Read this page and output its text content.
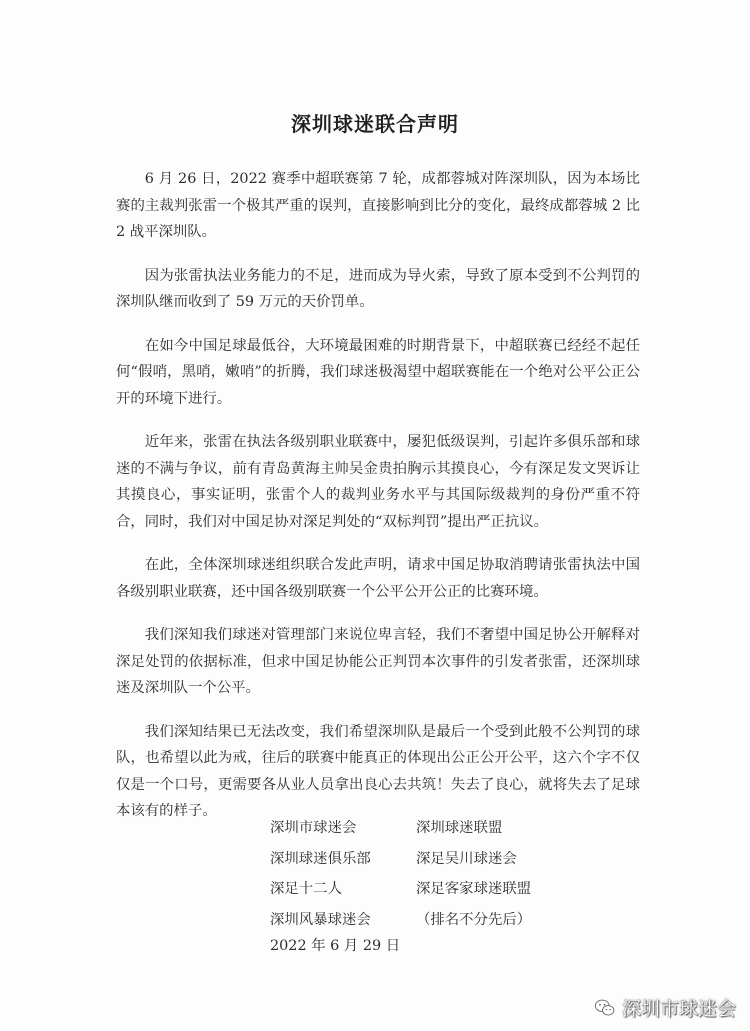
深圳球迷联合声明

6 月 26 日，2022 赛季中超联赛第 7 轮，成都蓉城对阵深圳队，因为本场比赛的主裁判张雷一个极其严重的误判，直接影响到比分的变化，最终成都蓉城 2 比 2 战平深圳队。

因为张雷执法业务能力的不足，进而成为导火索，导致了原本受到不公判罚的深圳队继而收到了 59 万元的天价罚单。

在如今中国足球最低谷，大环境最困难的时期背景下，中超联赛已经经不起任何“假哨，黑哨，嫩哨”的折腾，我们球迷极渴望中超联赛能在一个绝对公平公正公开的环境下进行。

近年来，张雷在执法各级别职业联赛中，屡犯低级误判，引起许多俱乐部和球迷的不满与争议，前有青岛黄海主帅吴金贵拍胸示其摸良心，今有深足发文哭诉让其摸良心，事实证明，张雷个人的裁判业务水平与其国际级裁判的身份严重不符合，同时，我们对中国足协对深足判处的“双标判罚”提出严正抗议。

在此，全体深圳球迷组织联合发此声明，请求中国足协取消聘请张雷执法中国各级别职业联赛，还中国各级别联赛一个公平公开公正的比赛环境。

我们深知我们球迷对管理部门来说位卑言轻，我们不奢望中国足协公开解释对深足处罚的依据标准，但求中国足协能公正判罚本次事件的引发者张雷，还深圳球迷及深圳队一个公平。

我们深知结果已无法改变，我们希望深圳队是最后一个受到此般不公判罚的球队，也希望以此为戒，往后的联赛中能真正的体现出公正公开公平，这六个字不仅仅是一个口号，更需要各从业人员拿出良心去共筑！失去了良心，就将失去了足球本该有的样子。

深圳市球迷会	深圳球迷联盟
深圳球迷俱乐部	深足吴川球迷会
深足十二人	深足客家球迷联盟
深圳风暴球迷会	（排名不分先后）
2022 年 6 月 29 日
深圳市球迷会
